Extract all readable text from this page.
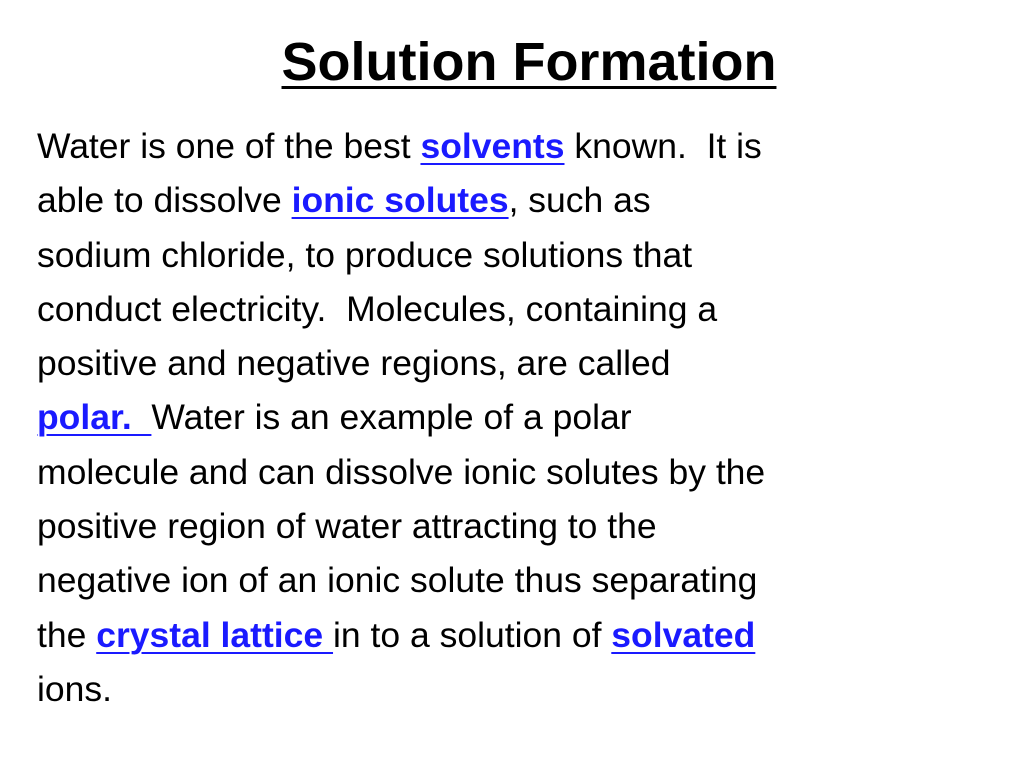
Solution Formation
Water is one of the best solvents known.  It is
able to dissolve ionic solutes, such as
sodium chloride, to produce solutions that
conduct electricity.  Molecules, containing a
positive and negative regions, are called
polar.  Water is an example of a polar
molecule and can dissolve ionic solutes by the
positive region of water attracting to the
negative ion of an ionic solute thus separating
the crystal lattice in to a solution of solvated
ions.
